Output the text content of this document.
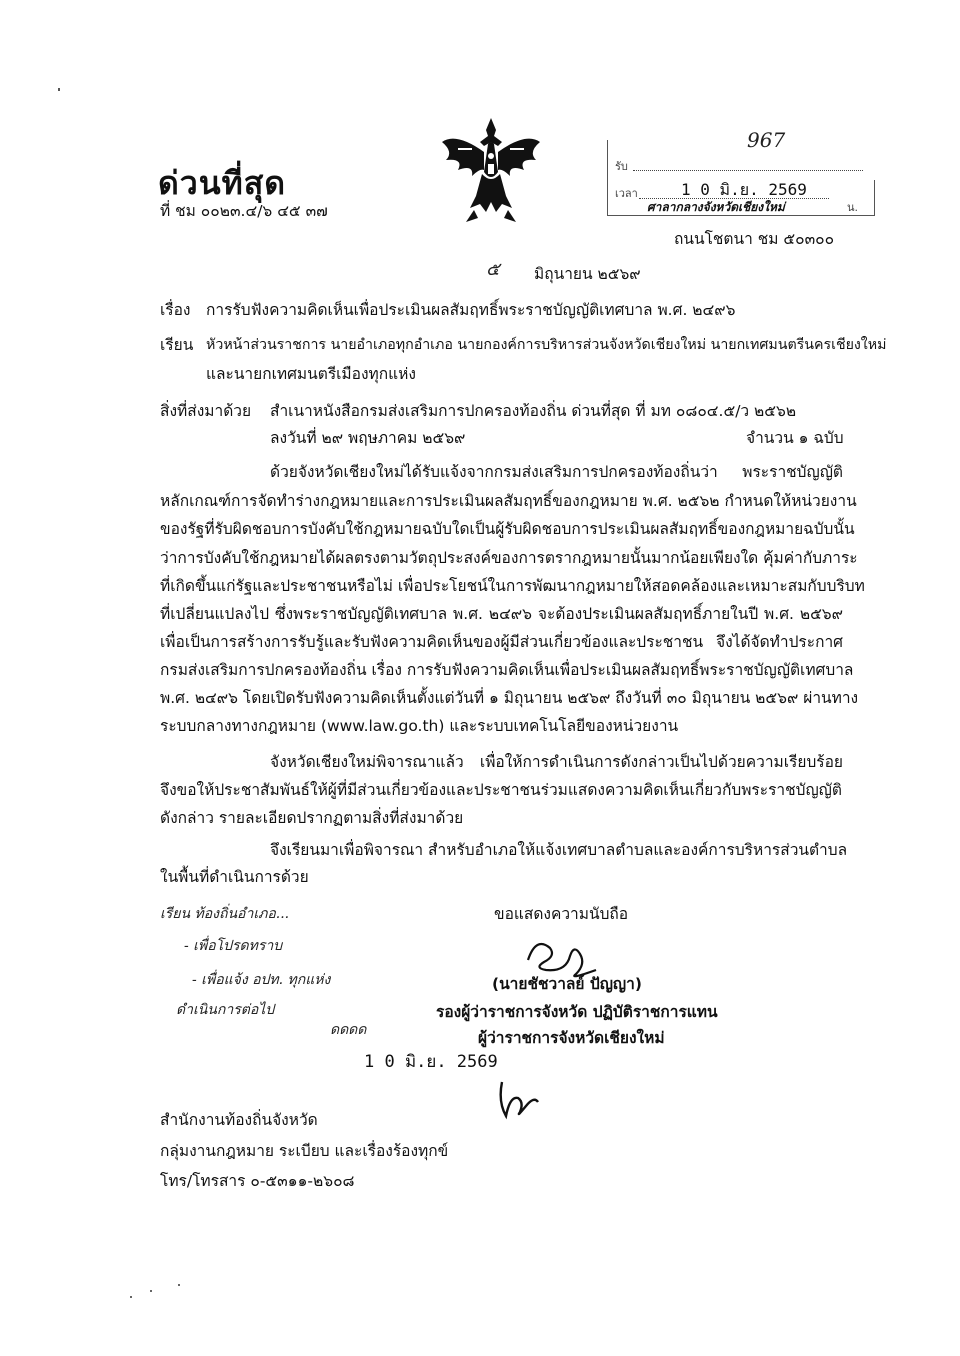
ด่วนที่สุด
ที่ ชม ๐๐๒๓.๔/๖ ๔๕ ๓๗
967
รับ
เวลา	1 0 มิ.ย. 2569
ศาลากลางจังหวัดเชียงใหม่	น.
ถนนโชตนา ชม ๕๐๓๐๐
๕ มิถุนายน ๒๕๖๙
เรื่อง การรับฟังความคิดเห็นเพื่อประเมินผลสัมฤทธิ์พระราชบัญญัติเทศบาล พ.ศ. ๒๔๙๖
เรียน หัวหน้าส่วนราชการ นายอำเภอทุกอำเภอ นายกองค์การบริหารส่วนจังหวัดเชียงใหม่ นายกเทศมนตรีนครเชียงใหม่
และนายกเทศมนตรีเมืองทุกแห่ง
สิ่งที่ส่งมาด้วย สำเนาหนังสือกรมส่งเสริมการปกครองท้องถิ่น ด่วนที่สุด ที่ มท ๐๘๐๔.๕/ว ๒๕๖๒
ลงวันที่ ๒๙ พฤษภาคม ๒๕๖๙	จำนวน ๑ ฉบับ
ด้วยจังหวัดเชียงใหม่ได้รับแจ้งจากกรมส่งเสริมการปกครองท้องถิ่นว่า พระราชบัญญัติ
หลักเกณฑ์การจัดทำร่างกฎหมายและการประเมินผลสัมฤทธิ์ของกฎหมาย พ.ศ. ๒๕๖๒ กำหนดให้หน่วยงาน
ของรัฐที่รับผิดชอบการบังคับใช้กฎหมายฉบับใดเป็นผู้รับผิดชอบการประเมินผลสัมฤทธิ์ของกฎหมายฉบับนั้น
ว่าการบังคับใช้กฎหมายได้ผลตรงตามวัตถุประสงค์ของการตรากฎหมายนั้นมากน้อยเพียงใด คุ้มค่ากับภาระ
ที่เกิดขึ้นแก่รัฐและประชาชนหรือไม่ เพื่อประโยชน์ในการพัฒนากฎหมายให้สอดคล้องและเหมาะสมกับบริบท
ที่เปลี่ยนแปลงไป ซึ่งพระราชบัญญัติเทศบาล พ.ศ. ๒๔๙๖ จะต้องประเมินผลสัมฤทธิ์ภายในปี พ.ศ. ๒๕๖๙
เพื่อเป็นการสร้างการรับรู้และรับฟังความคิดเห็นของผู้มีส่วนเกี่ยวข้องและประชาชน จึงได้จัดทำประกาศ
กรมส่งเสริมการปกครองท้องถิ่น เรื่อง การรับฟังความคิดเห็นเพื่อประเมินผลสัมฤทธิ์พระราชบัญญัติเทศบาล
พ.ศ. ๒๔๙๖ โดยเปิดรับฟังความคิดเห็นตั้งแต่วันที่ ๑ มิถุนายน ๒๕๖๙ ถึงวันที่ ๓๐ มิถุนายน ๒๕๖๙ ผ่านทาง
ระบบกลางทางกฎหมาย (www.law.go.th) และระบบเทคโนโลยีของหน่วยงาน
จังหวัดเชียงใหม่พิจารณาแล้ว เพื่อให้การดำเนินการดังกล่าวเป็นไปด้วยความเรียบร้อย
จึงขอให้ประชาสัมพันธ์ให้ผู้ที่มีส่วนเกี่ยวข้องและประชาชนร่วมแสดงความคิดเห็นเกี่ยวกับพระราชบัญญัติ
ดังกล่าว รายละเอียดปรากฏตามสิ่งที่ส่งมาด้วย
จึงเรียนมาเพื่อพิจารณา สำหรับอำเภอให้แจ้งเทศบาลตำบลและองค์การบริหารส่วนตำบล
ในพื้นที่ดำเนินการด้วย
เรียน ท้องถิ่นอำเภอ...
- เพื่อโปรดทราบ
- เพื่อแจ้ง อปท. ทุกแห่ง
ดำเนินการต่อไป
ดดดด
1 0 มิ.ย. 2569
ขอแสดงความนับถือ
(นายชัชวาลย์ ปัญญา)
รองผู้ว่าราชการจังหวัด ปฏิบัติราชการแทน
ผู้ว่าราชการจังหวัดเชียงใหม่
สำนักงานท้องถิ่นจังหวัด
กลุ่มงานกฎหมาย ระเบียบ และเรื่องร้องทุกข์
โทร/โทรสาร ๐-๕๓๑๑-๒๖๐๘
